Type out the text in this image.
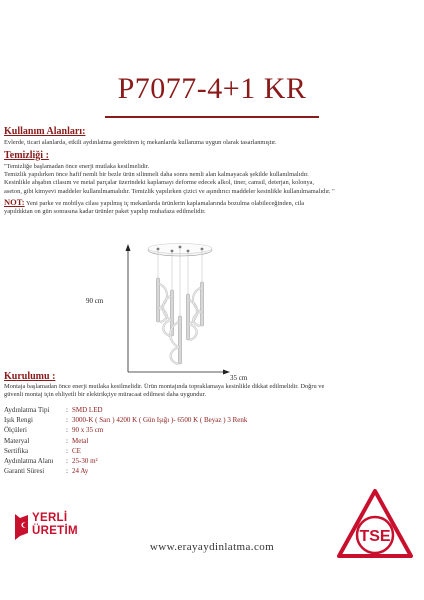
P7077-4+1 KR
Kullanım Alanları:
Evlerde, ticari alanlarda, etkili aydınlatma gerektiren iç mekanlarda kullanıma uygun olarak tasarlanmıştır.
Temizliği :
"Temizliğe başlamadan önce enerji mutlaka kesilmelidir.
Temizlik yapılırken önce hafif nemli bir bezle ürün silinmeli daha sonra nemli alan kalmayacak şekilde kullanılmalıdır.
Kesinlikle ahşabın cilasım ve metal parçalar üzerindeki kaplamayı deforme edecek alkol, tiner, camsil, deterjan, kolonya,
aseton, gibi kimyevi maddeler kullanılmamalıdır. Temizlik yapılırken çizici ve aşındırıcı maddeler kesinlikle kullanılmamalıdır. "
NOT: Yeni parke ve mobilya cilası yapılmış iç mekanlarda ürünlerin kaplamalarında bozulma olabileceğinden, cila
yapıldıktan on gün sonrasına kadar ürünler paket yapılıp muhafaza edilmelidir.
90 cm
35 cm
Kurulumu :
Montaja başlamadan önce enerji mutlaka kesilmelidir. Ürün montajında topraklamaya kesinlikle dikkat edilmelidir. Doğru ve
güvenli montaj için ehliyetli bir elektrikçiye müracaat edilmesi daha uygundur.
Aydınlatma Tipi	: SMD LED
Işık Rengi	: 3000-K ( Sarı ) 4200 K ( Gün Işığı )- 6500 K ( Beyaz ) 3 Renk
Ölçüleri	: 90 x 35 cm
Materyal	: Metal
Sertifika	: CE
Aydınlatma Alanı	: 25-30 m²
Garanti Süresi	: 24 Ay
YERLİ
ÜRETİM
www.erayaydinlatma.com
TSE
